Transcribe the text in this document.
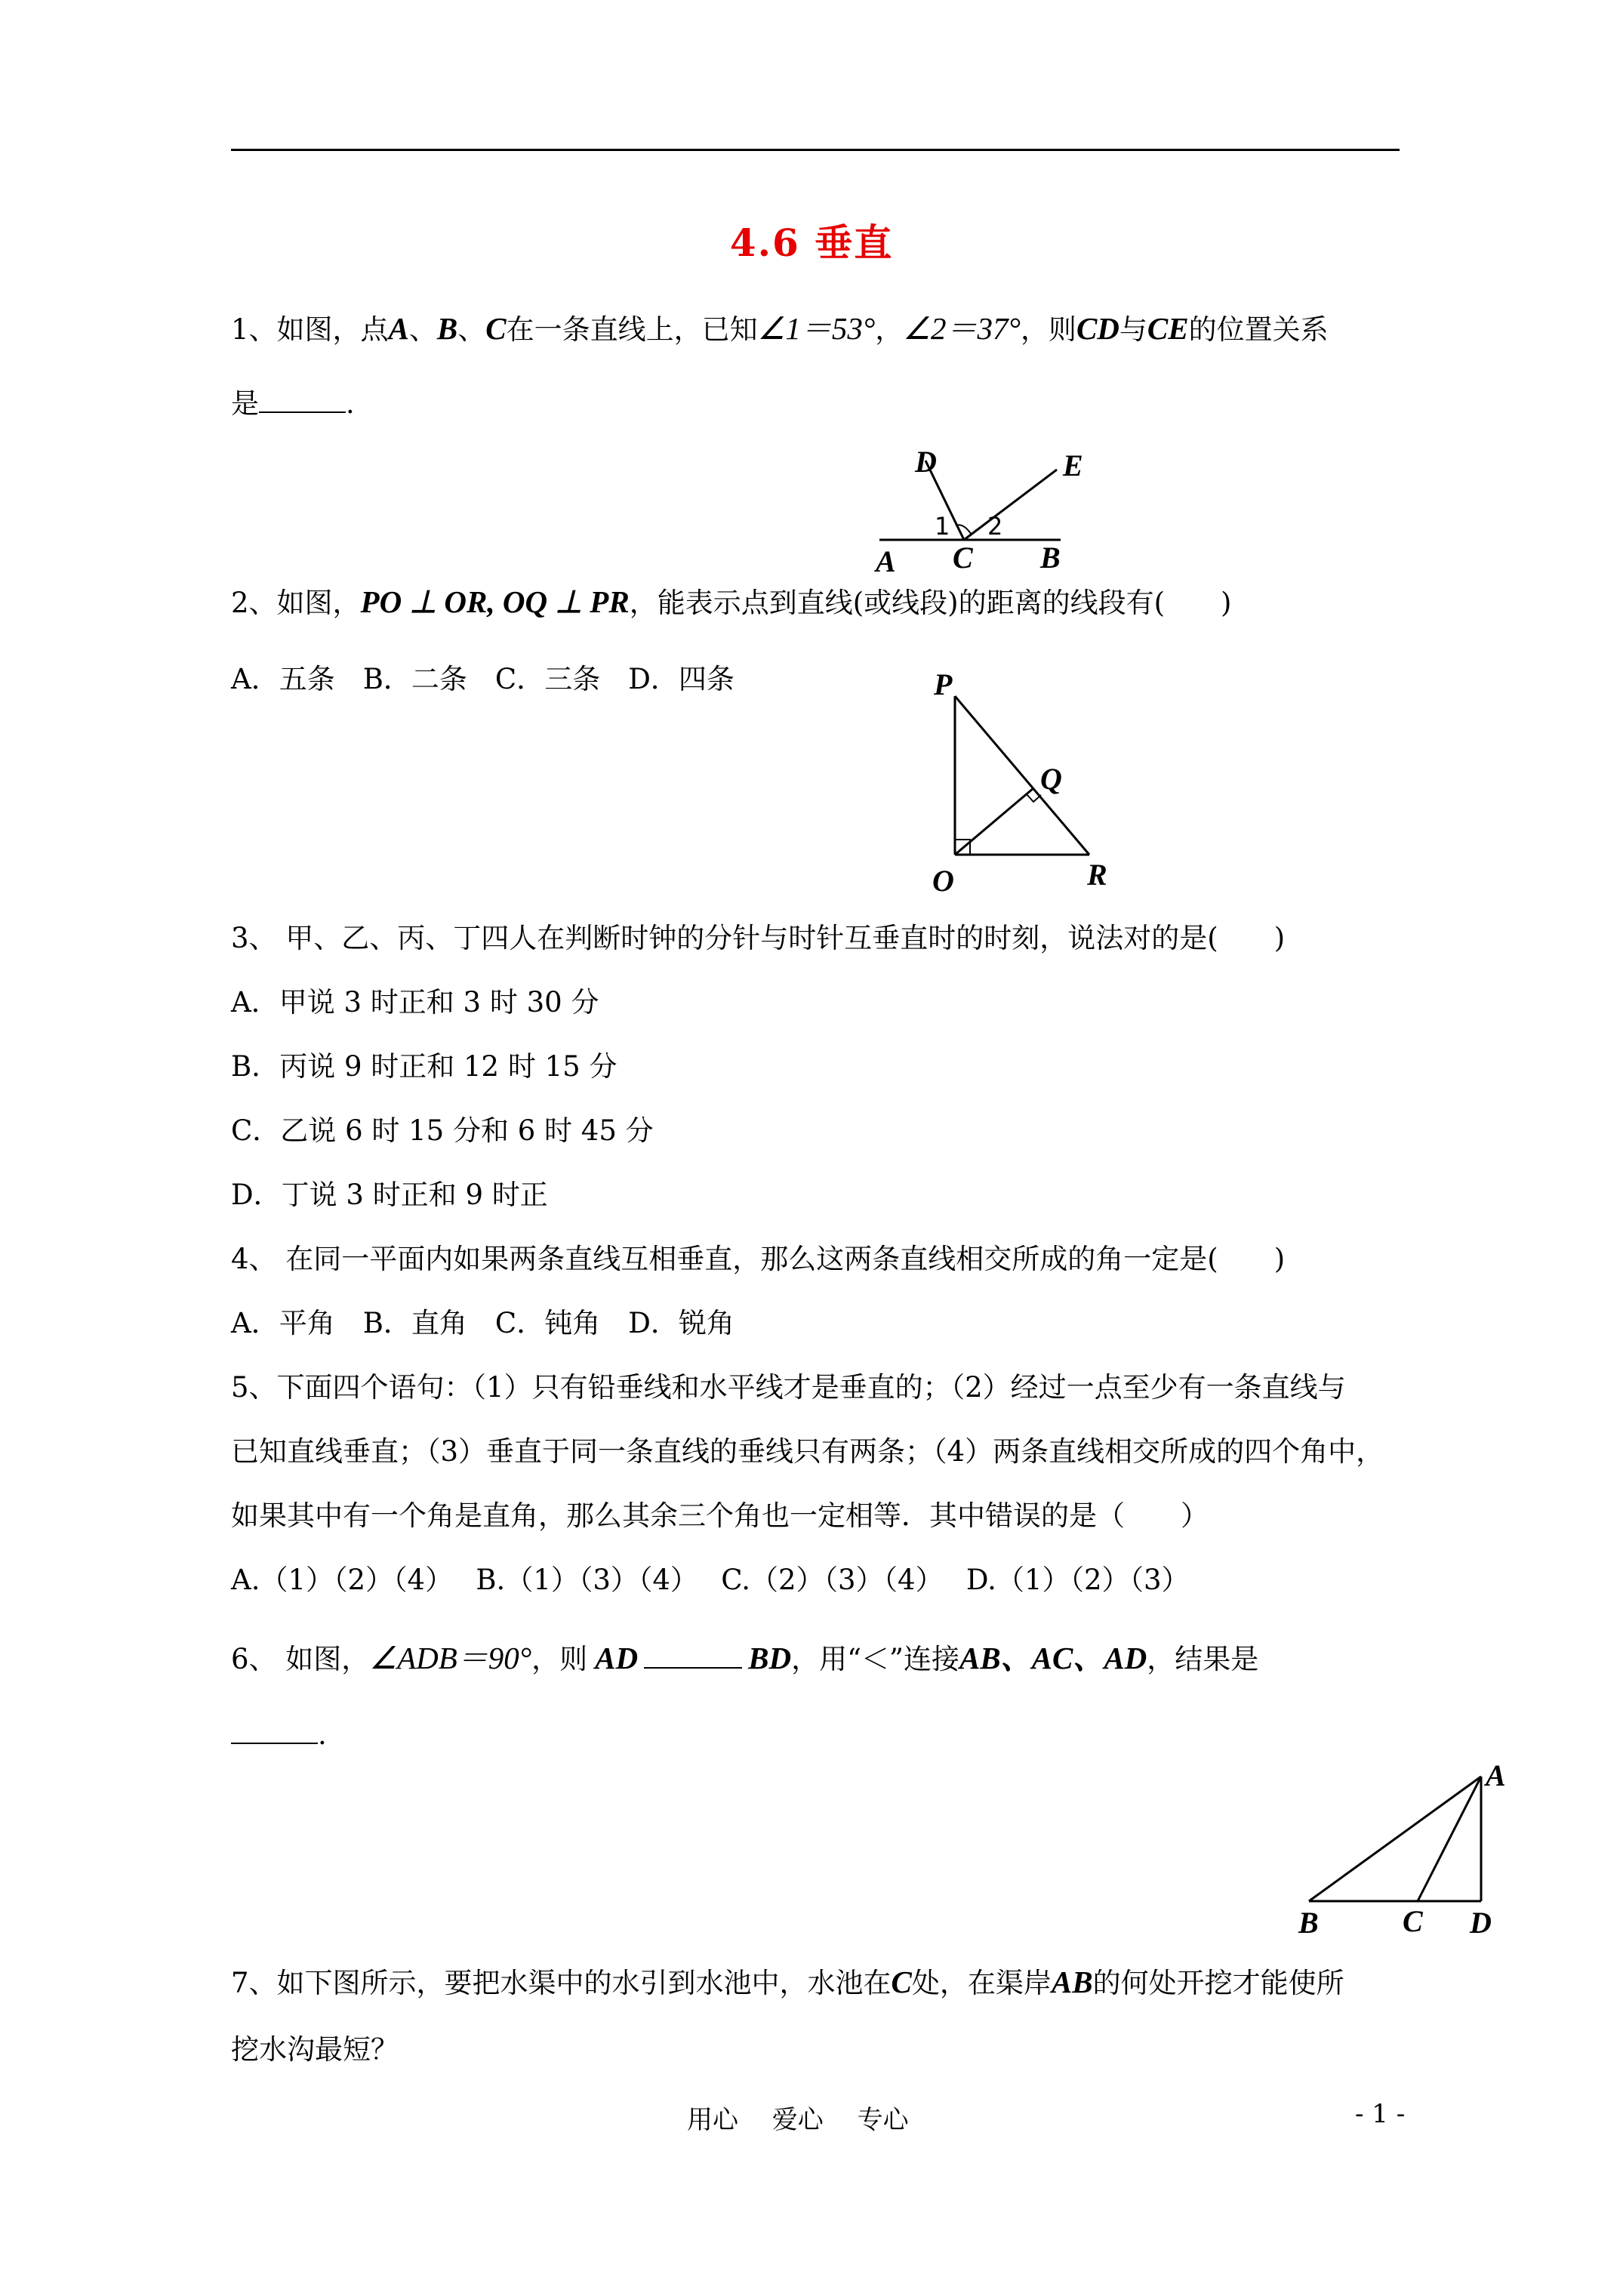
4.6 垂直
1、如图，点A、B、C在一条直线上，已知∠1＝53°，∠2＝37°，则CD与CE的位置关系
是	.
D	E
A C B
1 2
2、如图，PO ⊥ OR, OQ ⊥ PR，能表示点到直线(或线段)的距离的线段有(　　)
A．五条　B．二条　C．三条　D．四条	P
Q
O	R
3、 甲、乙、丙、丁四人在判断时钟的分针与时针互垂直时的时刻，说法对的是(　　)
A．甲说 3 时正和 3 时 30 分
B．丙说 9 时正和 12 时 15 分
C．乙说 6 时 15 分和 6 时 45 分
D．丁说 3 时正和 9 时正
4、 在同一平面内如果两条直线互相垂直，那么这两条直线相交所成的角一定是(　　)
A．平角　B．直角　C．钝角　D．锐角
5、下面四个语句：（1）只有铅垂线和水平线才是垂直的；（2）经过一点至少有一条直线与
已知直线垂直；（3）垂直于同一条直线的垂线只有两条；（4）两条直线相交所成的四个角中，
如果其中有一个角是直角，那么其余三个角也一定相等．其中错误的是（　　）
A.（1）（2）（4）　 B.（1）（3）（4）　 C.（2）（3）（4）　 D.（1）（2）（3）
6、 如图，∠ADB＝90°，则 AD	BD，用“＜”连接AB、AC、AD，结果是
.
A
B	C D
7、如下图所示，要把水渠中的水引到水池中，水池在C处，在渠岸AB的何处开挖才能使所
挖水沟最短？
用心　 爱心　 专心	- 1 -
